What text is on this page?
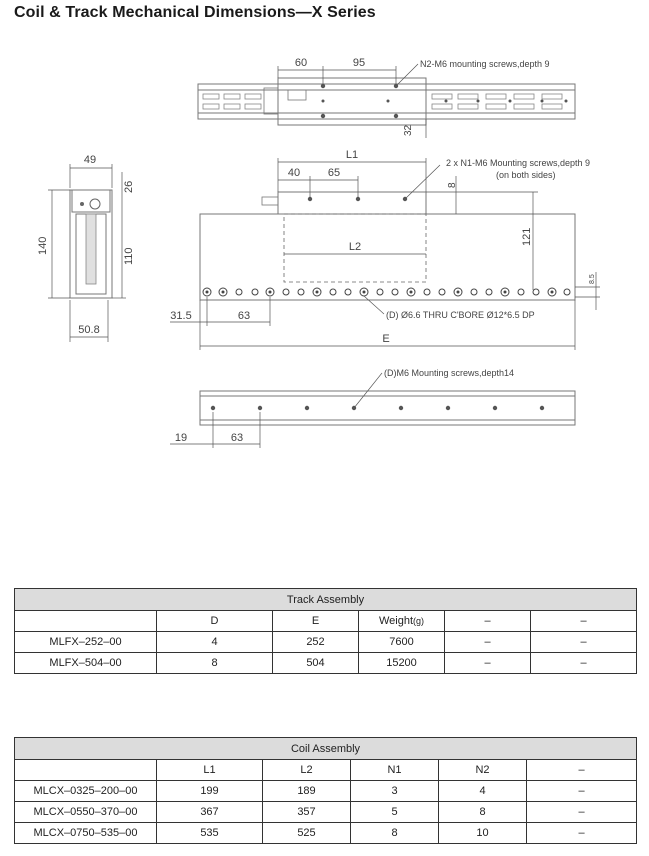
Coil & Track Mechanical Dimensions—X Series
60	95	N2-M6 mounting screws,depth 9
32
49
26
140
110
50.8
L1
40	65
2 x N1-M6 Mounting screws,depth 9
(on both sides)
8
L2
121
8.5
31.5	63	(D) Ø6.6 THRU C'BORE Ø12*6.5 DP
E
(D)M6 Mounting screws,depth14
19	63
Track Assembly					
	D	E	Weight(g)	–	–
MLFX–252–00	4	252	7600	–	–
MLFX–504–00	8	504	15200	–	–
Coil Assembly					
	L1	L2	N1	N2	–
MLCX–0325–200–00	199	189	3	4	–
MLCX–0550–370–00	367	357	5	8	–
MLCX–0750–535–00	535	525	8	10	–
